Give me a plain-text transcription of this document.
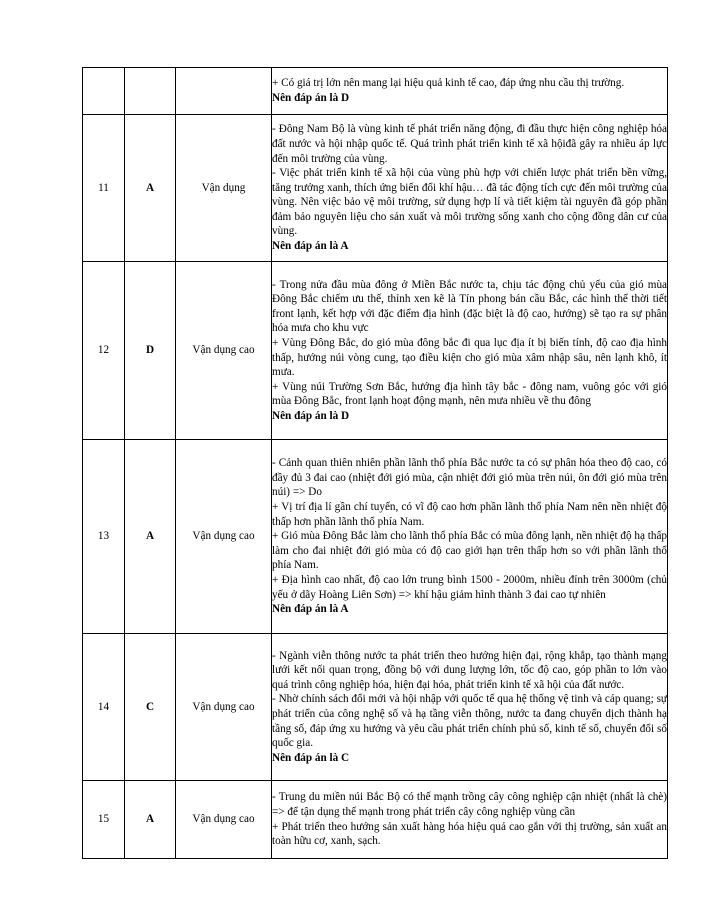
			+ Có giá trị lớn nên mang lại hiệu quả kinh tế cao, đáp ứng nhu cầu thị trường.
Nên đáp án là D

11	A	Vận dụng	- Đông Nam Bộ là vùng kinh tế phát triển năng động, đi đầu thực hiện công nghiệp hóa đất nước và hội nhập quốc tế. Quá trình phát triển kinh tế xã hộiđã gây ra nhiều áp lực đến môi trường của vùng.
- Việc phát triển kinh tế xã hội của vùng phù hợp với chiến lược phát triển bền vững, tăng trưởng xanh, thích ứng biến đổi khí hậu… đã tác động tích cực đến môi trường của vùng. Nên việc bảo vệ môi trường, sử dụng hợp lí và tiết kiệm tài nguyên đã góp phần đảm bảo nguyên liệu cho sản xuất và môi trường sống xanh cho cộng đồng dân cư của vùng.
Nên đáp án là A

12	D	Vận dụng cao	- Trong nửa đầu mùa đông ở Miền Bắc nước ta, chịu tác động chủ yếu của gió mùa Đông Bắc chiếm ưu thế, thỉnh xen kẽ là Tín phong bán cầu Bắc, các hình thể thời tiết front lạnh, kết hợp với đặc điểm địa hình (đặc biệt là độ cao, hướng) sẽ tạo ra sự phân hóa mưa cho khu vực
+ Vùng Đông Bắc, do gió mùa đông bắc đi qua lục địa ít bị biến tính, độ cao địa hình thấp, hướng núi vòng cung, tạo điều kiện cho gió mùa xâm nhập sâu, nên lạnh khô, ít mưa.
+ Vùng núi Trường Sơn Bắc, hướng địa hình tây bắc - đông nam, vuông góc với gió mùa Đông Bắc, front lạnh hoạt động mạnh, nên mưa nhiều về thu đông
Nên đáp án là D

13	A	Vận dụng cao	- Cảnh quan thiên nhiên phần lãnh thổ phía Bắc nước ta có sự phân hóa theo độ cao, có đầy đủ 3 đai cao (nhiệt đới gió mùa, cận nhiệt đới gió mùa trên núi, ôn đới gió mùa trên núi) => Do
+ Vị trí địa lí gần chí tuyến, có vĩ độ cao hơn phần lãnh thổ phía Nam nên nền nhiệt độ thấp hơn phần lãnh thổ phía Nam.
+ Gió mùa Đông Bắc làm cho lãnh thổ phía Bắc có mùa đông lạnh, nền nhiệt độ hạ thấp làm cho đai nhiệt đới gió mùa có độ cao giới hạn trên thấp hơn so với phần lãnh thổ phía Nam.
+ Địa hình cao nhất, độ cao lớn trung bình 1500 - 2000m, nhiều đỉnh trên 3000m (chủ yếu ở dãy Hoàng Liên Sơn) => khí hậu giảm hình thành 3 đai cao tự nhiên
Nên đáp án là A

14	C	Vận dụng cao	- Ngành viễn thông nước ta phát triển theo hướng hiện đại, rộng khắp, tạo thành mạng lưới kết nối quan trọng, đồng bộ với dung lượng lớn, tốc độ cao, góp phần to lớn vào quá trình công nghiệp hóa, hiện đại hóa, phát triển kinh tế xã hội của đất nước.
- Nhờ chính sách đổi mới và hội nhập với quốc tế qua hệ thống vệ tinh và cáp quang; sự phát triển của công nghệ số và hạ tầng viễn thông, nước ta đang chuyển dịch thành hạ tầng số, đáp ứng xu hướng và yêu cầu phát triển chính phủ số, kinh tế số, chuyển đổi số quốc gia.
Nên đáp án là C

15	A	Vận dụng cao	- Trung du miền núi Bắc Bộ có thế mạnh trồng cây công nghiệp cận nhiệt (nhất là chè) => để tận dụng thế mạnh trong phát triển cây công nghiệp vùng cần
+ Phát triển theo hướng sản xuất hàng hóa hiệu quả cao gắn với thị trường, sản xuất an toàn hữu cơ, xanh, sạch.
